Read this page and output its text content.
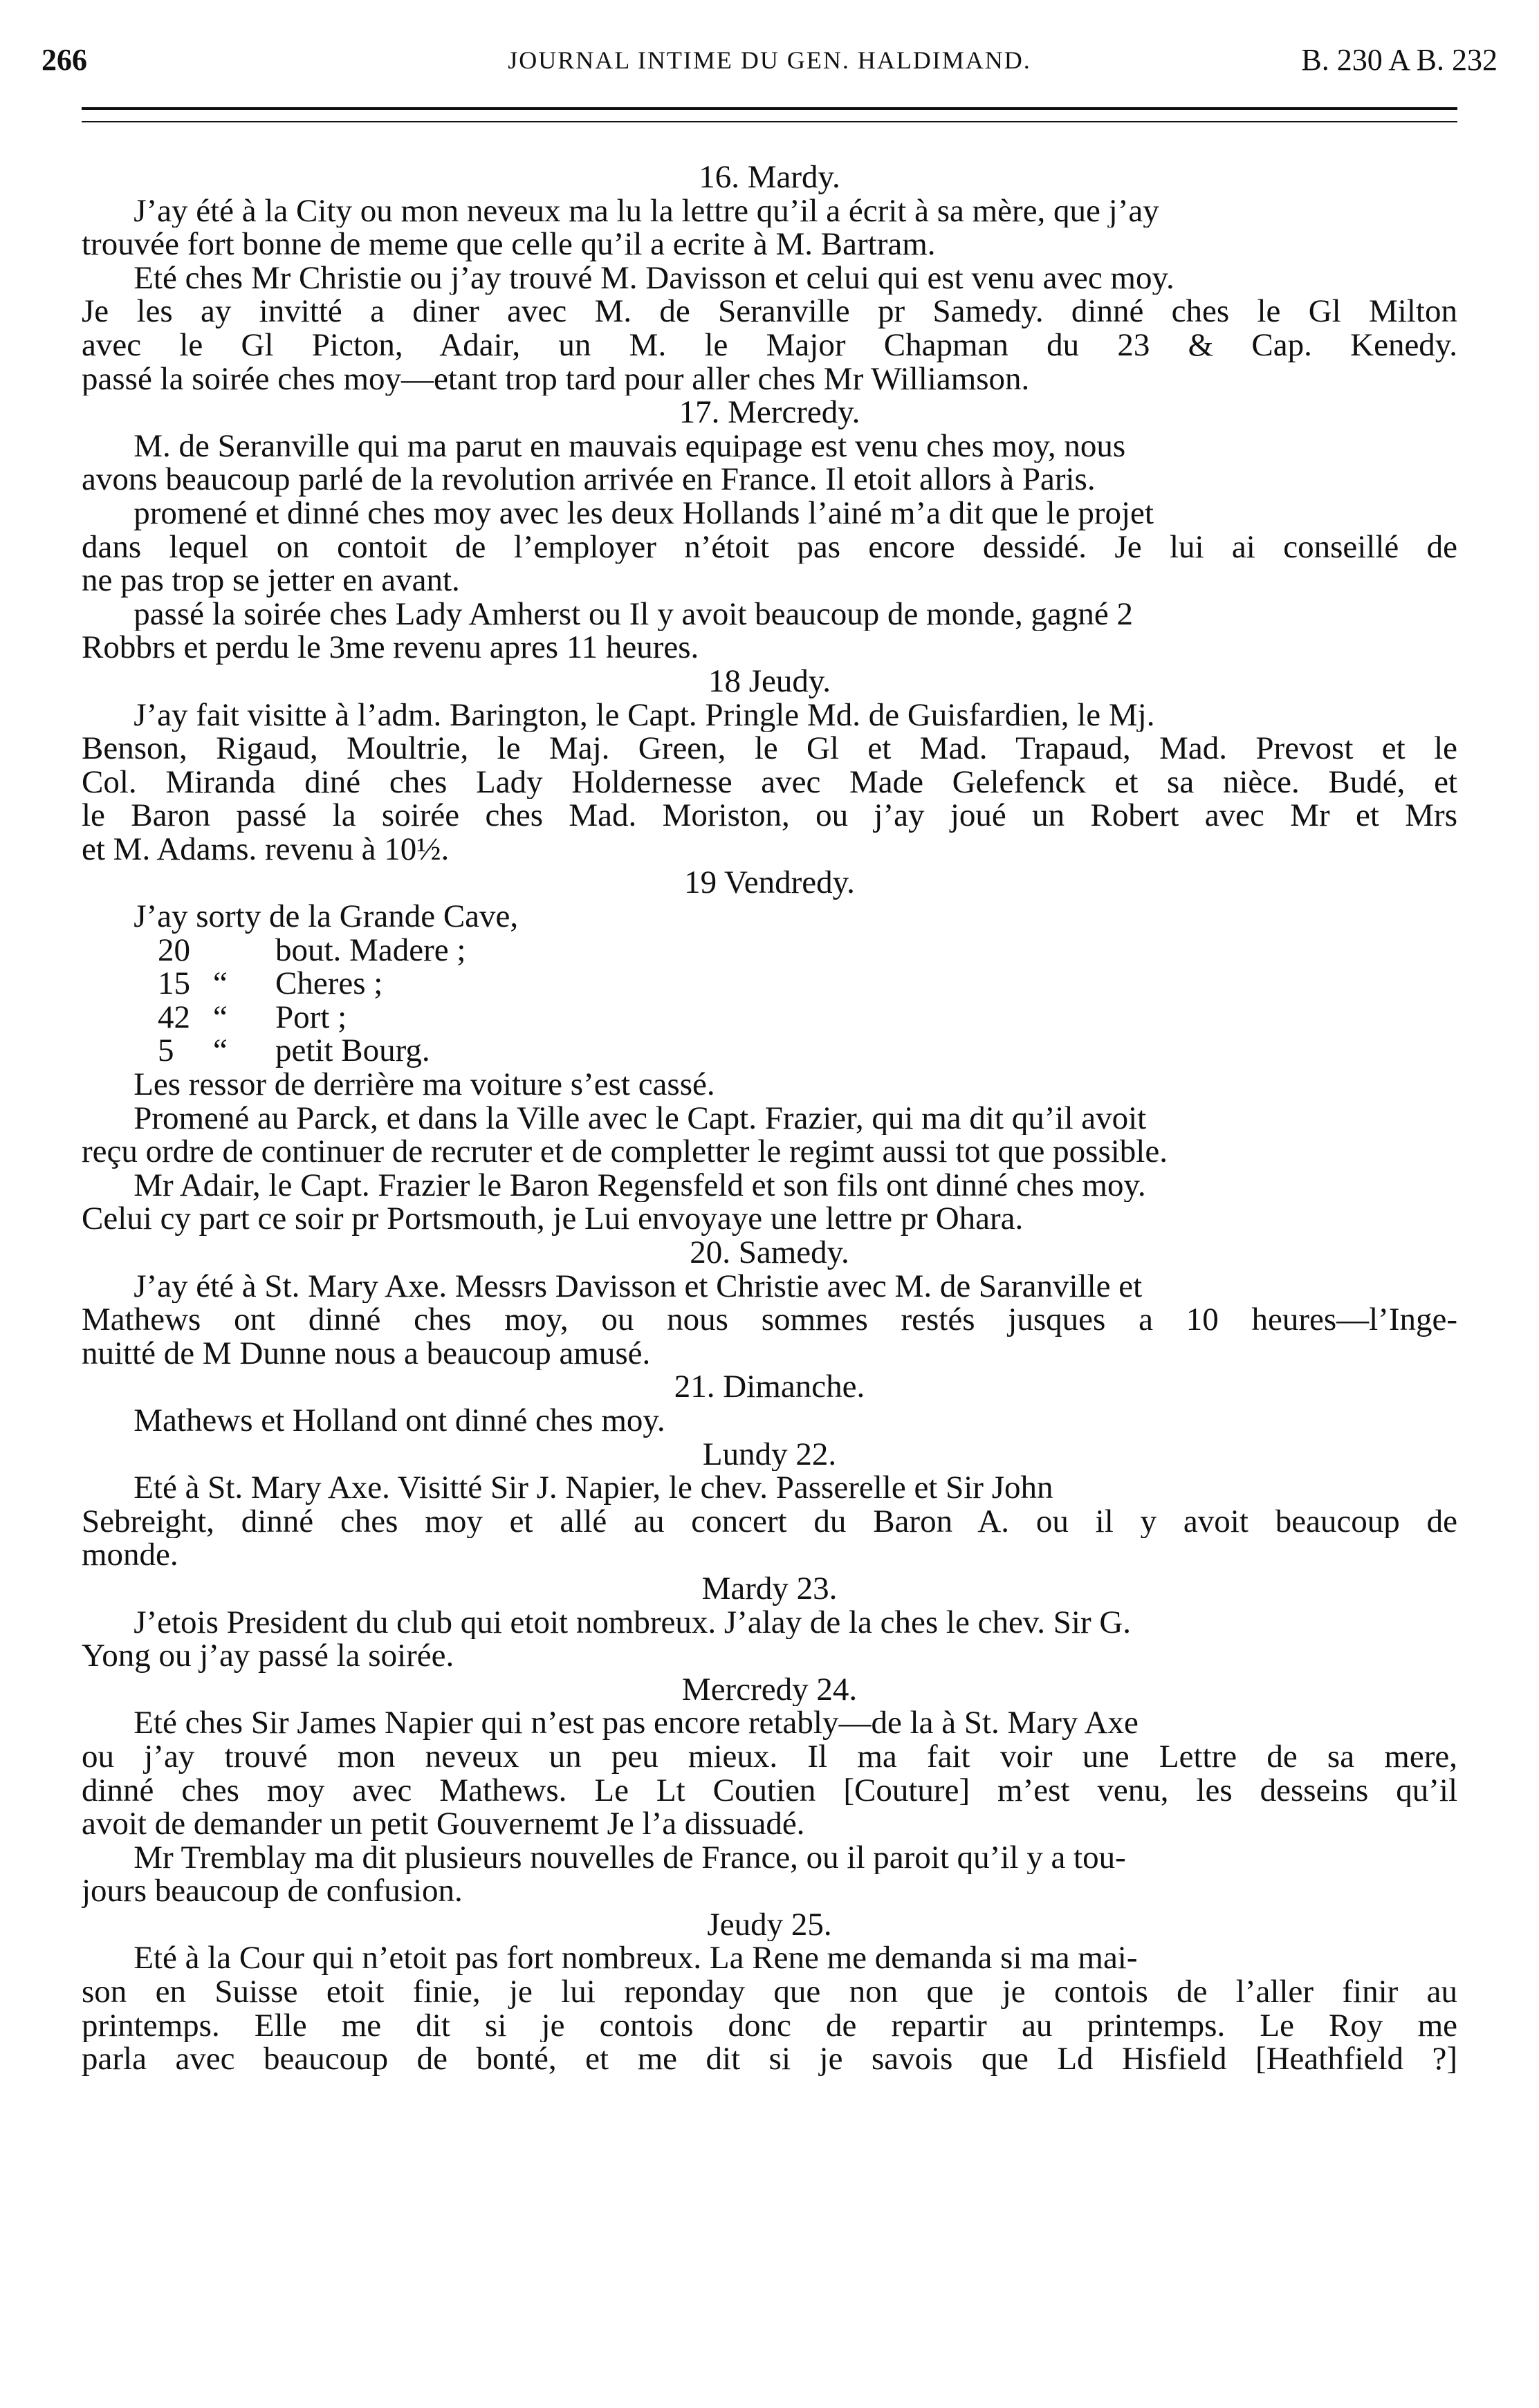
266	JOURNAL INTIME DU GEN. HALDIMAND.	B. 230 A B. 232
16. Mardy.
J’ay été à la City ou mon neveux ma lu la lettre qu’il a écrit à sa mère, que j’ay
trouvée fort bonne de meme que celle qu’il a ecrite à M. Bartram.
Eté ches Mr Christie ou j’ay trouvé M. Davisson et celui qui est venu avec moy.
Je les ay invitté a diner avec M. de Seranville pr Samedy. dinné ches le Gl Milton
avec le Gl Picton, Adair, un M. le Major Chapman du 23 & Cap. Kenedy.
passé la soirée ches moy—etant trop tard pour aller ches Mr Williamson.
17. Mercredy.
M. de Seranville qui ma parut en mauvais equipage est venu ches moy, nous
avons beaucoup parlé de la revolution arrivée en France. Il etoit allors à Paris.
promené et dinné ches moy avec les deux Hollands l’ainé m’a dit que le projet
dans lequel on contoit de l’employer n’étoit pas encore dessidé. Je lui ai conseillé de
ne pas trop se jetter en avant.
passé la soirée ches Lady Amherst ou Il y avoit beaucoup de monde, gagné 2
Robbrs et perdu le 3me revenu apres 11 heures.
18 Jeudy.
J’ay fait visitte à l’adm. Barington, le Capt. Pringle Md. de Guisfardien, le Mj.
Benson, Rigaud, Moultrie, le Maj. Green, le Gl et Mad. Trapaud, Mad. Prevost et le
Col. Miranda diné ches Lady Holdernesse avec Made Gelefenck et sa nièce. Budé, et
le Baron passé la soirée ches Mad. Moriston, ou j’ay joué un Robert avec Mr et Mrs
et M. Adams. revenu à 10½.
19 Vendredy.
J’ay sorty de la Grande Cave,
20	bout. Madere ;
15 “ Cheres ;
42 “ Port ;
5 “ petit Bourg.
Les ressor de derrière ma voiture s’est cassé.
Promené au Parck, et dans la Ville avec le Capt. Frazier, qui ma dit qu’il avoit
reçu ordre de continuer de recruter et de completter le regimt aussi tot que possible.
Mr Adair, le Capt. Frazier le Baron Regensfeld et son fils ont dinné ches moy.
Celui cy part ce soir pr Portsmouth, je Lui envoyaye une lettre pr Ohara.
20. Samedy.
J’ay été à St. Mary Axe. Messrs Davisson et Christie avec M. de Saranville et
Mathews ont dinné ches moy, ou nous sommes restés jusques a 10 heures—l’Inge-
nuitté de M Dunne nous a beaucoup amusé.
21. Dimanche.
Mathews et Holland ont dinné ches moy.
Lundy 22.
Eté à St. Mary Axe. Visitté Sir J. Napier, le chev. Passerelle et Sir John
Sebreight, dinné ches moy et allé au concert du Baron A. ou il y avoit beaucoup de
monde.
Mardy 23.
J’etois President du club qui etoit nombreux. J’alay de la ches le chev. Sir G.
Yong ou j’ay passé la soirée.
Mercredy 24.
Eté ches Sir James Napier qui n’est pas encore retably—de la à St. Mary Axe
ou j’ay trouvé mon neveux un peu mieux. Il ma fait voir une Lettre de sa mere,
dinné ches moy avec Mathews. Le Lt Coutien [Couture] m’est venu, les desseins qu’il
avoit de demander un petit Gouvernemt Je l’a dissuadé.
Mr Tremblay ma dit plusieurs nouvelles de France, ou il paroit qu’il y a tou-
jours beaucoup de confusion.
Jeudy 25.
Eté à la Cour qui n’etoit pas fort nombreux. La Rene me demanda si ma mai-
son en Suisse etoit finie, je lui reponday que non que je contois de l’aller finir au
printemps. Elle me dit si je contois donc de repartir au printemps. Le Roy me
parla avec beaucoup de bonté, et me dit si je savois que Ld Hisfield [Heathfield ?]
